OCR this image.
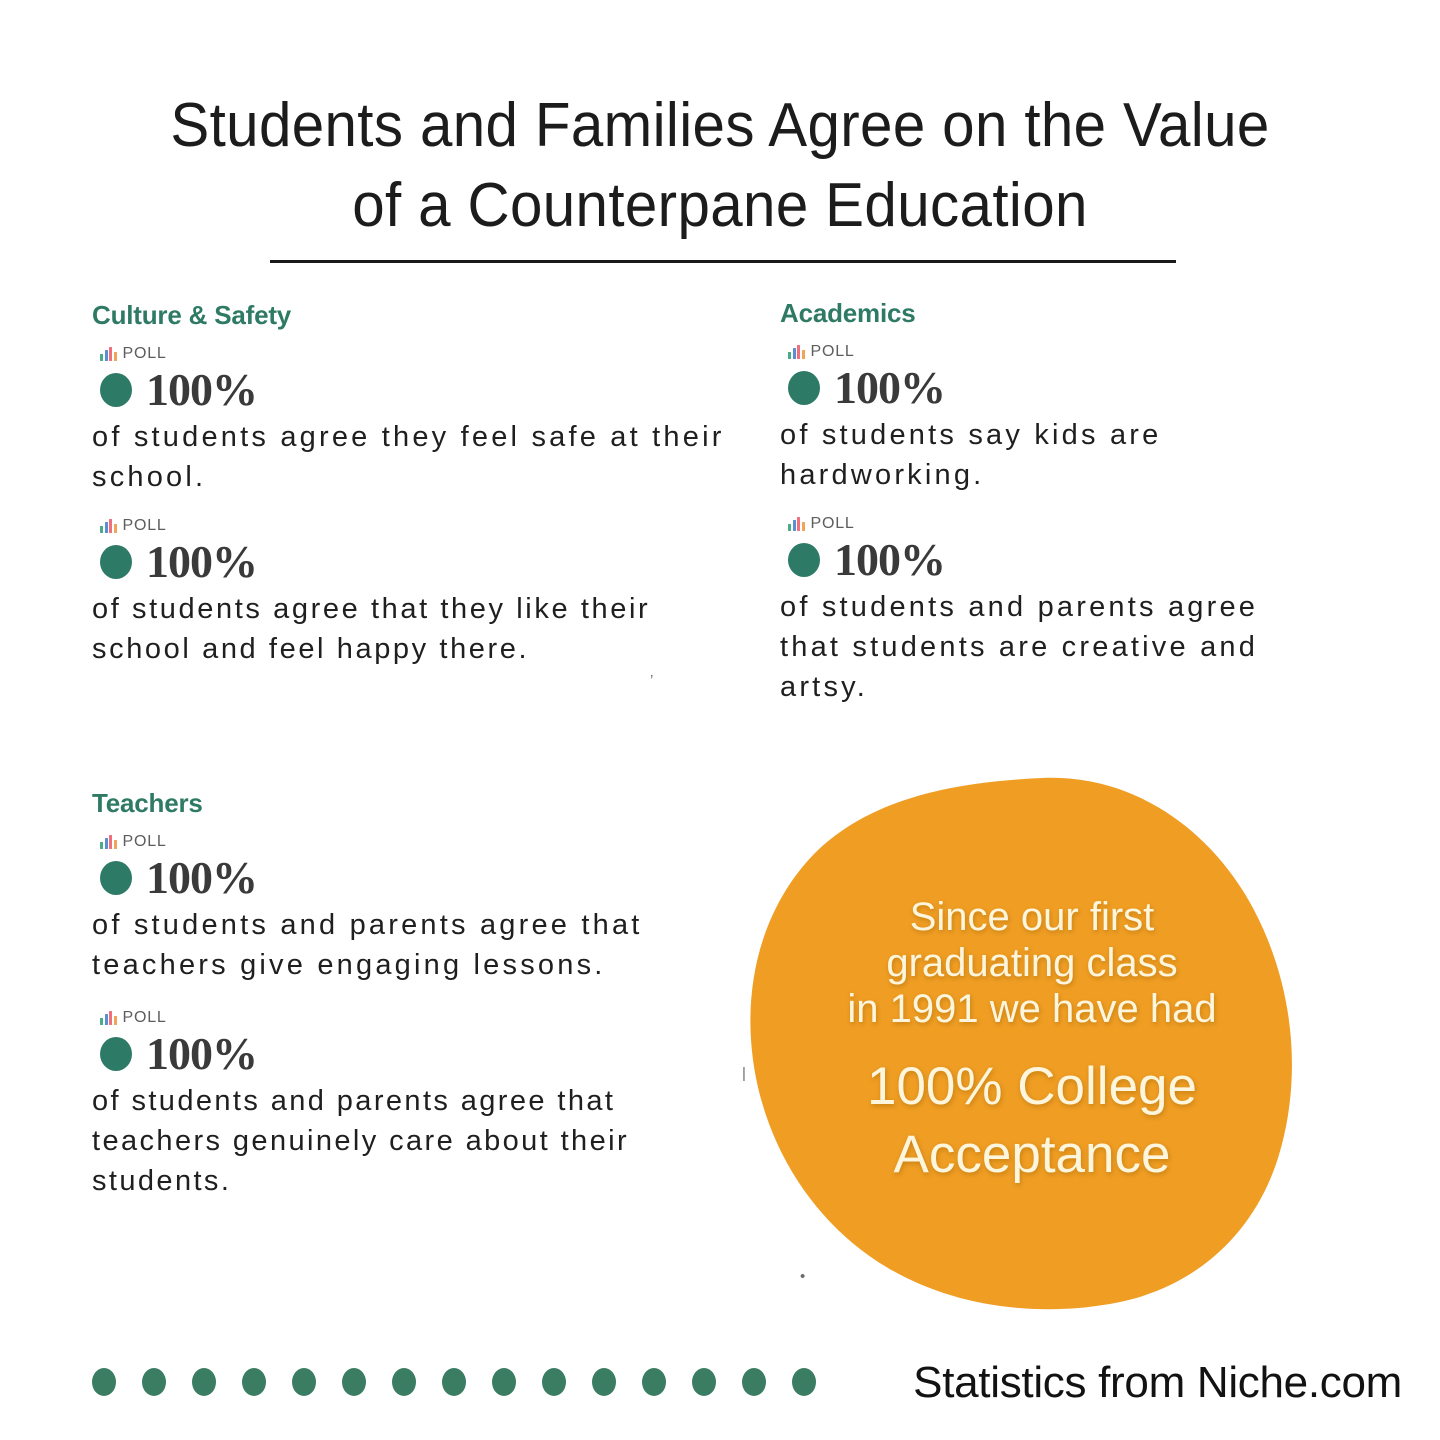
Students and Families Agree on the Value
of a Counterpane Education
Culture & Safety
POLL
100%
of students agree they feel safe at their school.
POLL
100%
of students agree that they like their school and feel happy there.
Academics
POLL
100%
of students say kids are hardworking.
POLL
100%
of students and parents agree that students are creative and artsy.
Teachers
POLL
100%
of students and parents agree that teachers give engaging lessons.
POLL
100%
of students and parents agree that teachers genuinely care about their students.
Since our first
graduating class
in 1991 we have had
100% College
Acceptance
Statistics from Niche.com
’
|
•
